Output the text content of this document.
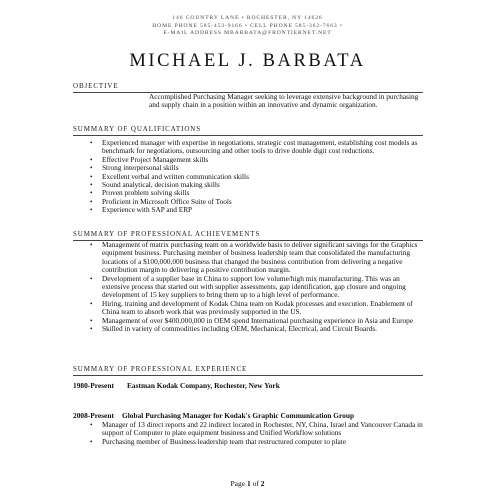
146 COUNTRY LANE • ROCHESTER, NY 14626
HOME PHONE 585-453-9166 • CELL PHONE 585-362-7663 •
E-MAIL ADDRESS MBARBATA@FRONTIERNET.NET
MICHAEL J. BARBATA
OBJECTIVE
Accomplished Purchasing Manager seeking to leverage extensive background in purchasing and supply chain in a position within an innovative and dynamic organization.
SUMMARY OF QUALIFICATIONS
• Experienced manager with expertise in negotiations, strategic cost management, establishing cost models as benchmark for negotiations, outsourcing and other tools to drive double digit cost reductions.
• Effective Project Management skills
• Strong interpersonal skills
• Excellent verbal and written communication skills
• Sound analytical, decision making skills
• Proven problem solving skills
• Proficient in Microsoft Office Suite of Tools
• Experience with SAP and ERP
SUMMARY OF PROFESSIONAL ACHIEVEMENTS
• Management of matrix purchasing team on a worldwide basis to deliver significant savings for the Graphics equipment business. Purchasing member of business leadership team that consolidated the manufacturing locations of a $100,000,000 business that changed the business contribution from delivering a negative contribution margin to delivering a positive contribution margin.
• Development of a supplier base in China to support low volume/high mix manufacturing. This was an extensive process that started out with supplier assessments, gap identification, gap closure and ongoing development of 15 key suppliers to bring them up to a high level of performance.
• Hiring, training and development of Kodak China team on Kodak processes and execution. Enablement of China team to absorb work that was previously supported in the US.
• Management of over $400,000,000 in OEM spend International purchasing experience in Asia and Europe
• Skilled in variety of commodities including OEM, Mechanical, Electrical, and Circuit Boards.
SUMMARY OF PROFESSIONAL EXPERIENCE
1980-Present Eastman Kodak Company, Rochester, New York
2008-Present Global Purchasing Manager for Kodak's Graphic Communication Group
• Manager of 13 direct reports and 22 indirect located in Rochester, NY, China, Israel and Vancouver Canada in support of Computer to plate equipment business and Unified Workflow solutions
• Purchasing member of Business leadership team that restructured computer to plate
Page 1 of 2
